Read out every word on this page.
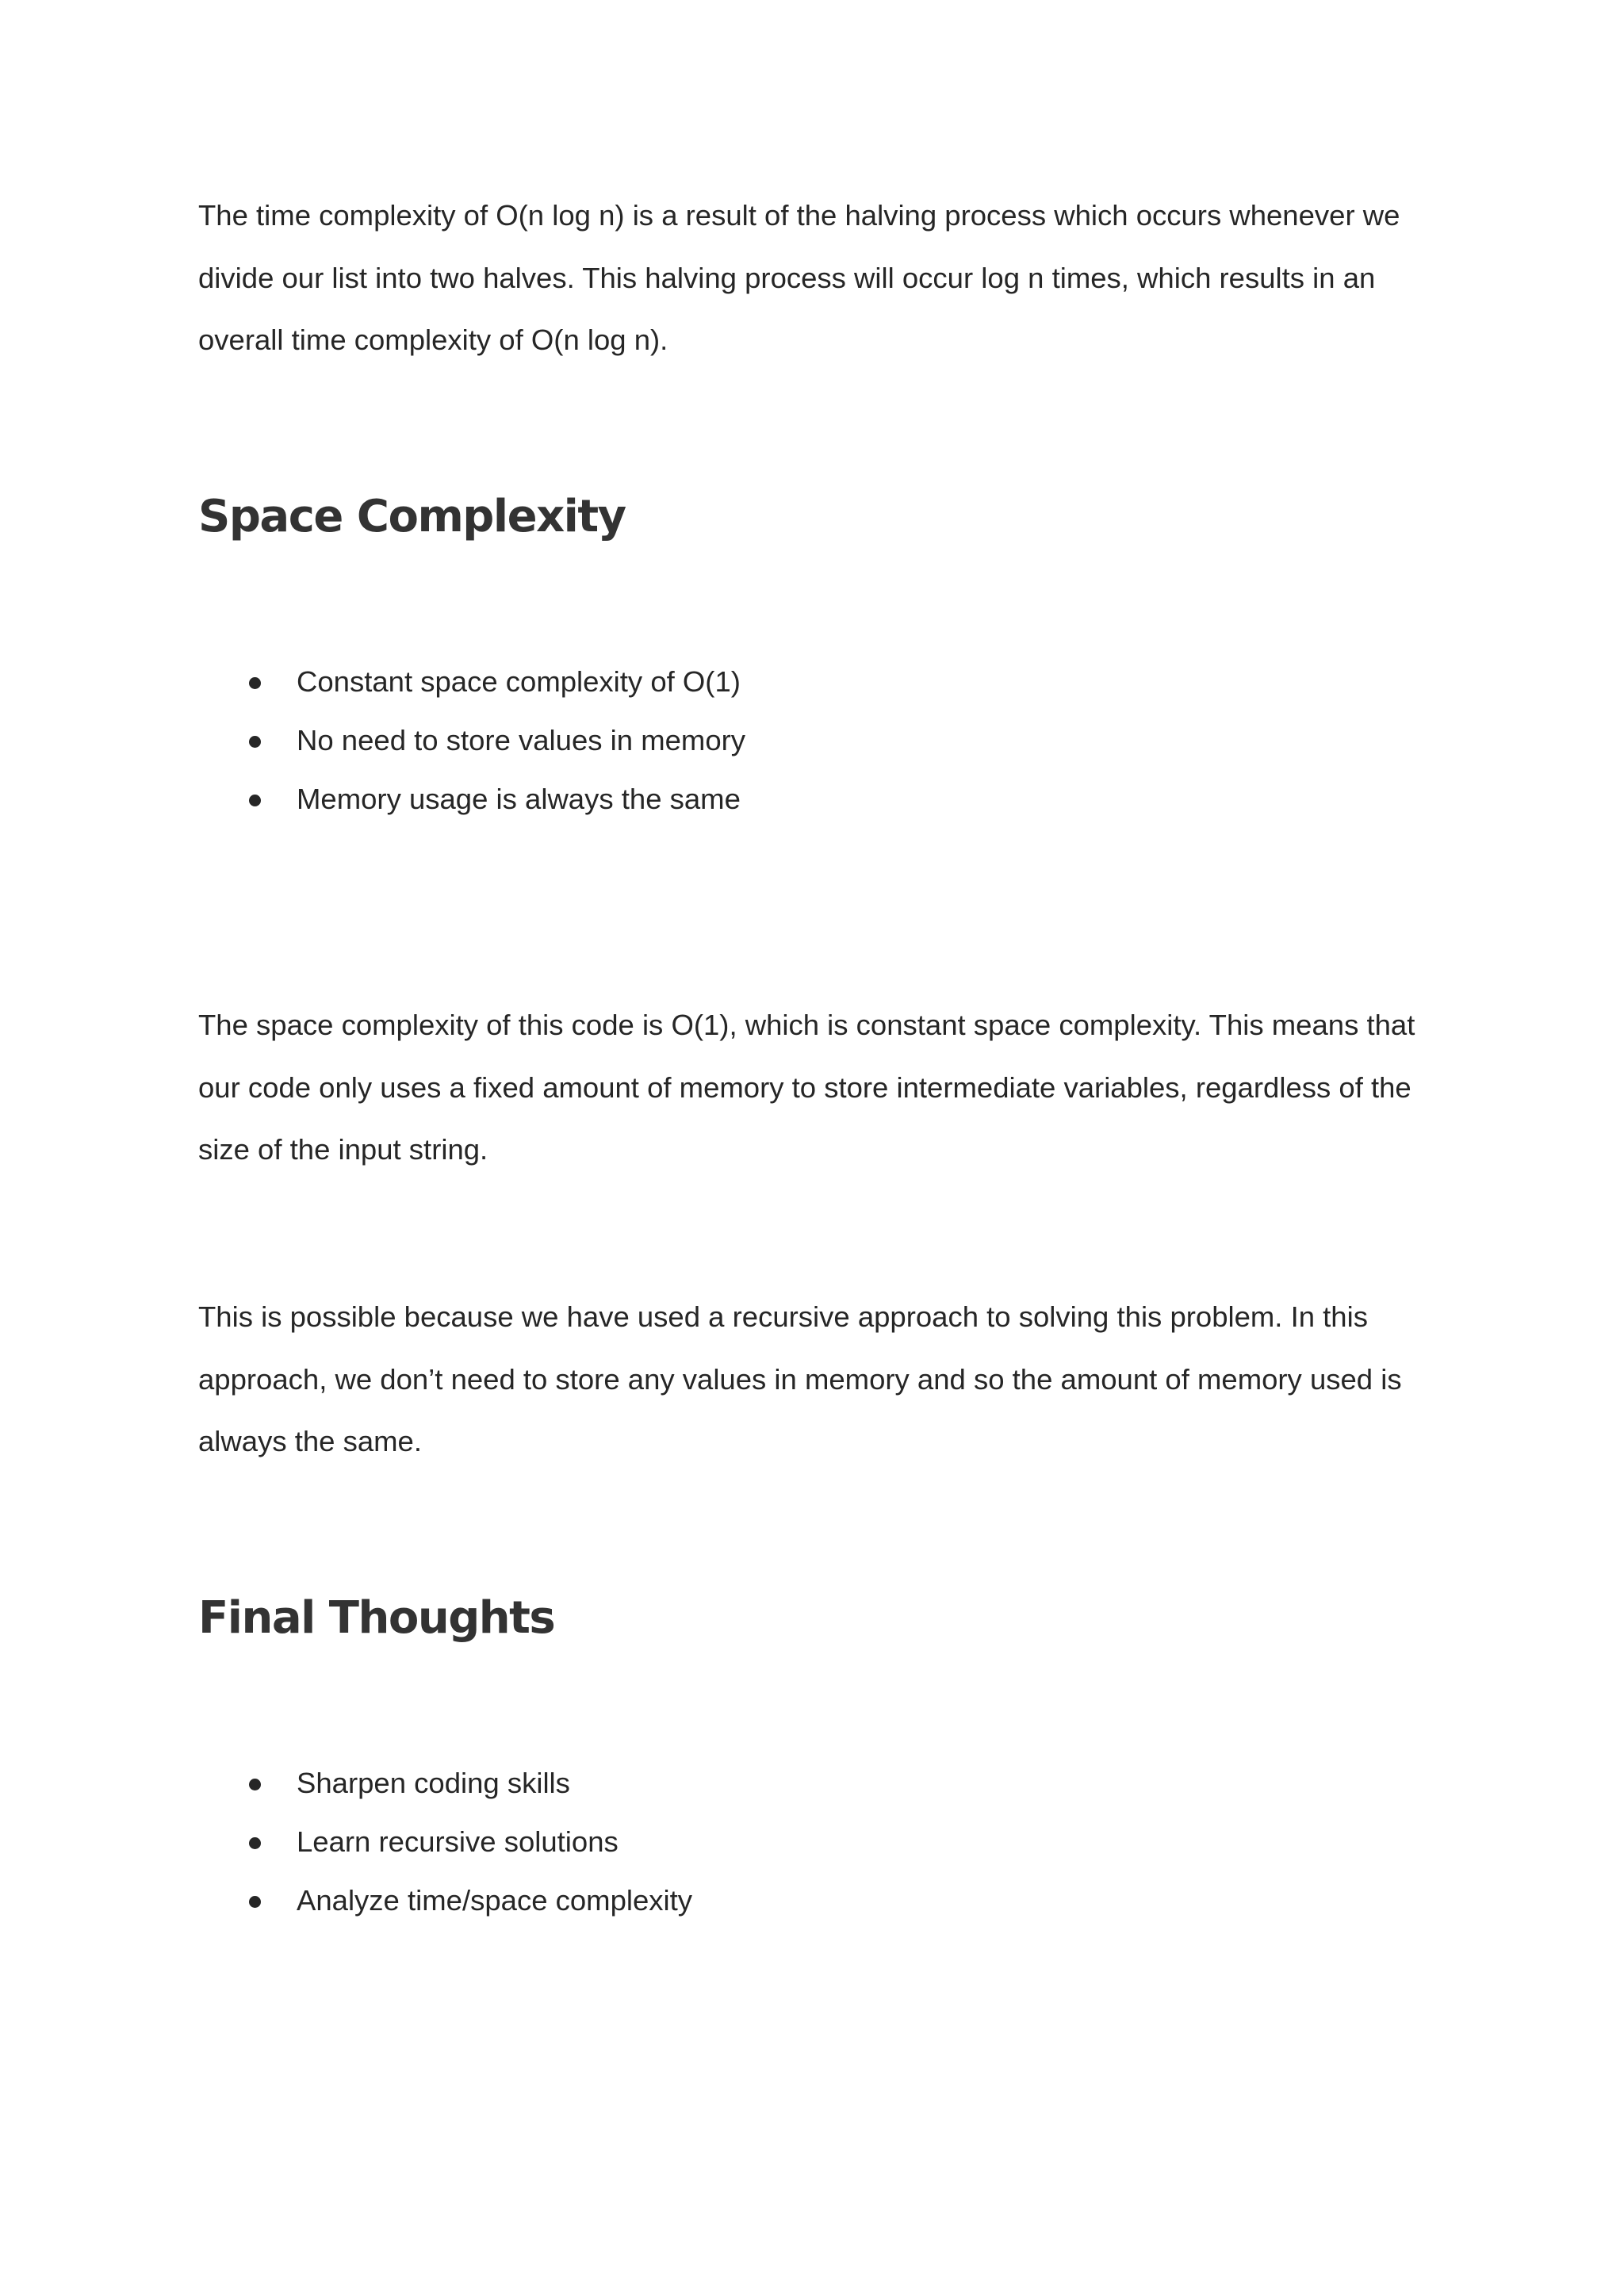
The time complexity of O(n log n) is a result of the halving process which occurs whenever we divide our list into two halves. This halving process will occur log n times, which results in an overall time complexity of O(n log n).

Space Complexity
Constant space complexity of O(1)
No need to store values in memory
Memory usage is always the same

The space complexity of this code is O(1), which is constant space complexity. This means that our code only uses a fixed amount of memory to store intermediate variables, regardless of the size of the input string.

This is possible because we have used a recursive approach to solving this problem. In this approach, we don’t need to store any values in memory and so the amount of memory used is always the same.

Final Thoughts
Sharpen coding skills
Learn recursive solutions
Analyze time/space complexity
